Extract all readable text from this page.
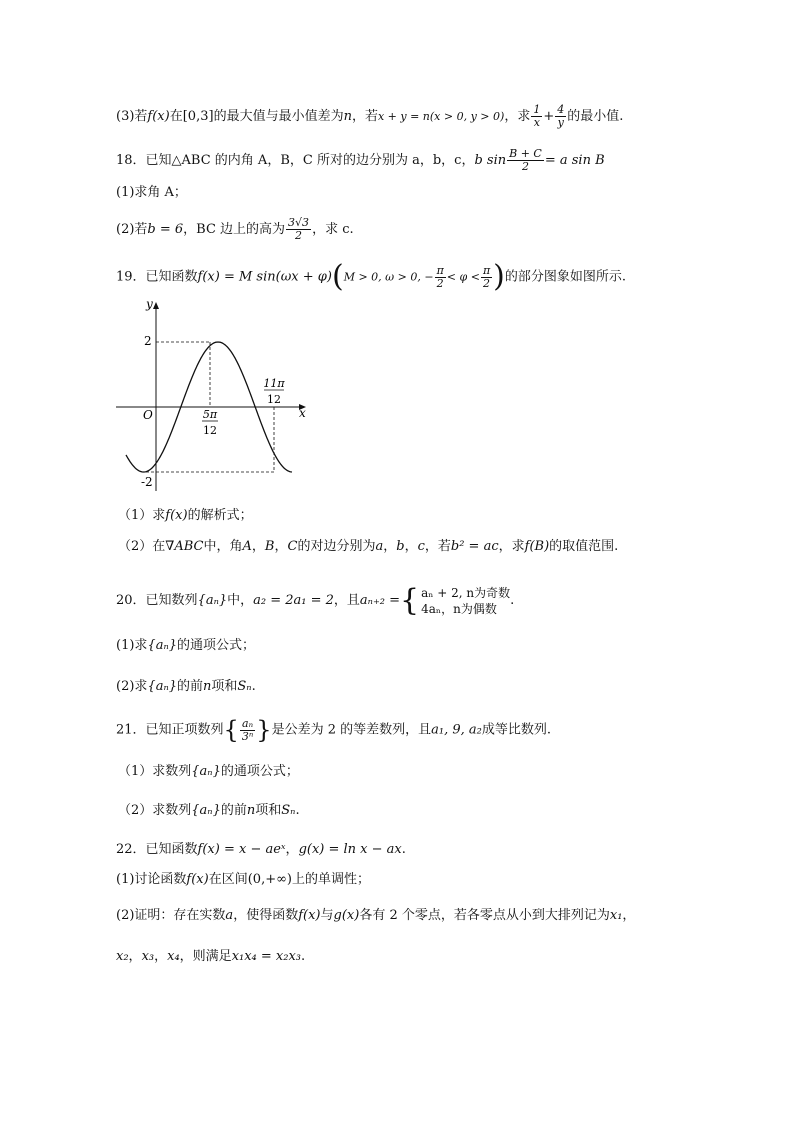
(3)若f(x)在[0,3]的最大值与最小值差为n，若x + y = n(x > 0, y > 0)，求 $\frac{1}{x} + \frac{4}{y}$ 的最小值.
18．已知△ABC 的内角 A，B，C 所对的边分别为 a，b，c，b $\sin \frac{B + C}{2} = a$ sin B
(1)求角 A；
(2)若b = 6，BC 边上的高为 $\frac{3√3}{2}$ ，求 c.
19．已知函数f(x) = M sin(ωx + φ)(M > 0, ω > 0, − $\frac{\pi}{2} < \varphi < \frac{\pi}{2}$ )的部分图象如图所示.
y
x
O
2
-2
5π
12
11π
12
（1）求f(x)的解析式；
（2）在∇ABC中，角A，B，C的对边分别为a，b，c，若b² = ac，求f(B)的取值范围.
20．已知数列{aₙ}中，a₂ = 2a₁ = 2，且aₙ₊₂ ={ aₙ + 2, n为奇数
4aₙ，n为偶数
.
(1)求{aₙ}的通项公式；
(2)求{aₙ}的前n项和Sₙ.
21．已知正项数列{ $\frac{\text{aₙ}}{\text{3ⁿ}}$ }是公差为 2 的等差数列，且a₁, 9, a₂成等比数列.
（1）求数列{aₙ}的通项公式；
（2）求数列{aₙ}的前n项和Sₙ.
22．已知函数f(x) = x − aeˣ，g(x) = ln x − ax.
(1)讨论函数f(x)在区间(0,+∞)上的单调性；
(2)证明：存在实数a，使得函数f(x)与g(x)各有 2 个零点，若各零点从小到大排列记为x₁，
x₂，x₃，x₄，则满足x₁x₄ = x₂x₃.
